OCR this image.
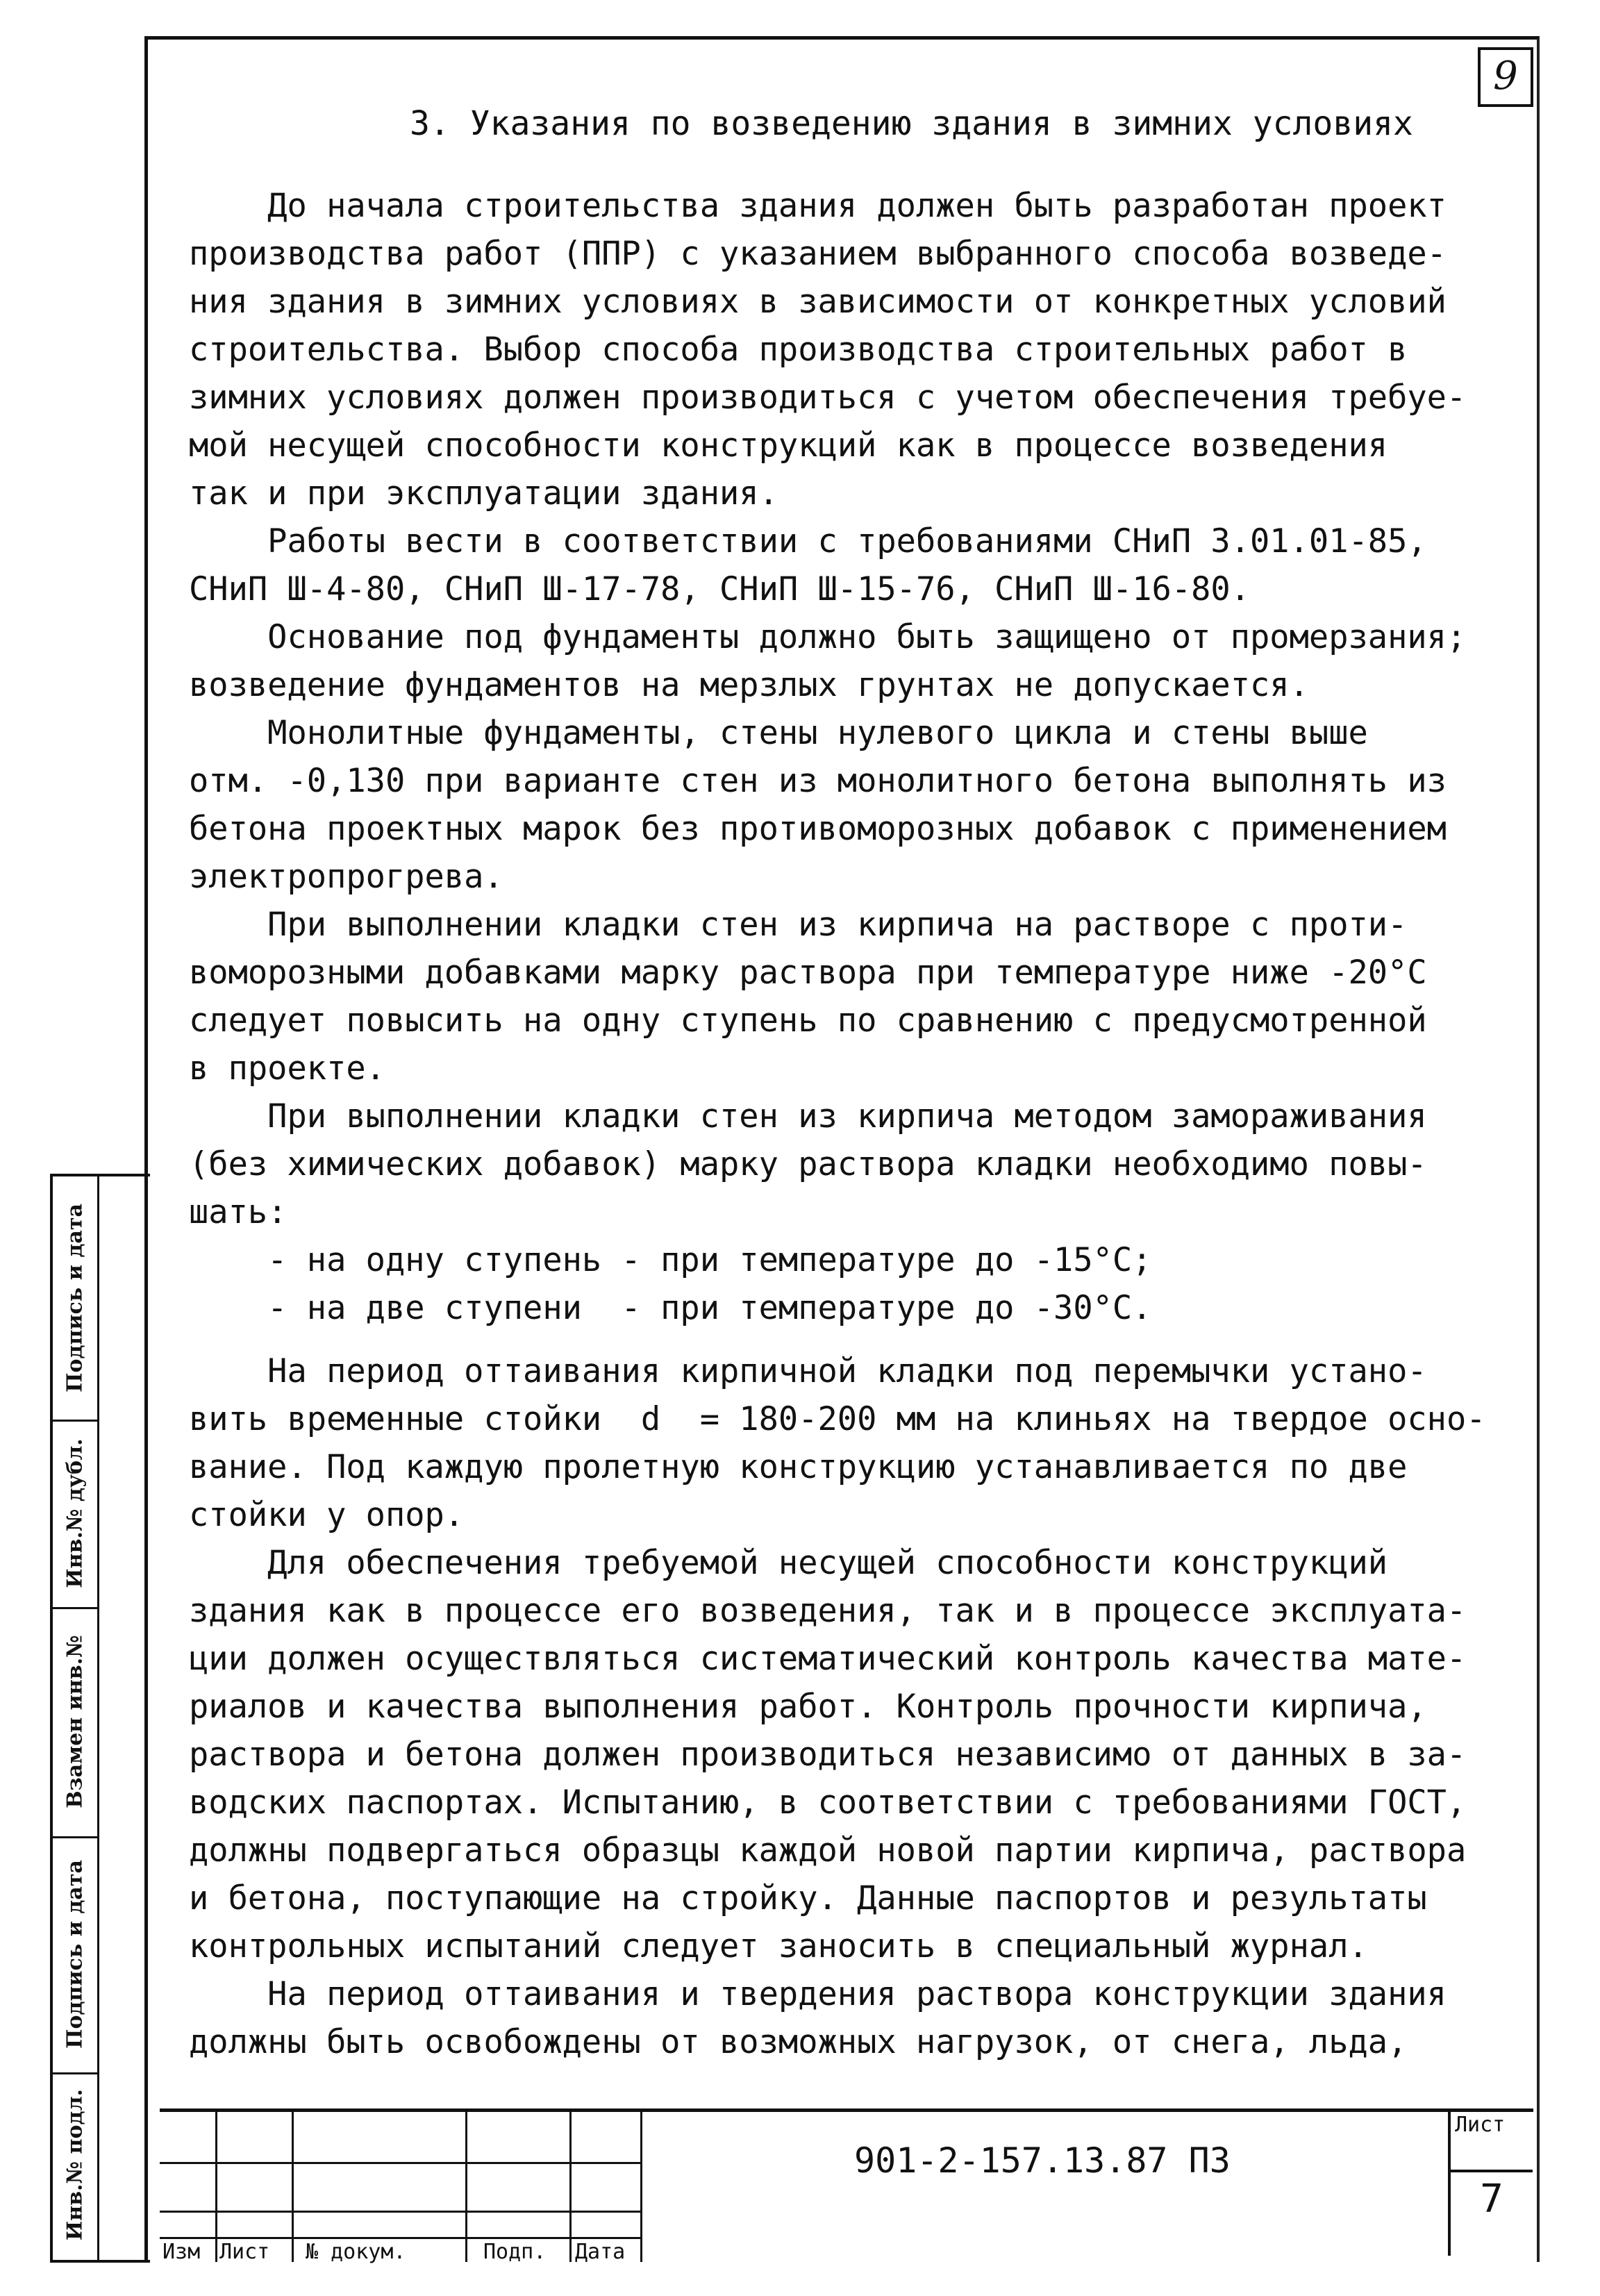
9
3. Указания по возведению здания в зимних условиях

До начала строительства здания должен быть разработан проект

производства работ (ППР) с указанием выбранного способа возведе-

ния здания в зимних условиях в зависимости от конкретных условий

строительства. Выбор способа производства строительных работ в

зимних условиях должен производиться с учетом обеспечения требуе-

мой несущей способности конструкций как в процессе возведения

так и при эксплуатации здания.

Работы вести в соответствии с требованиями СНиП 3.01.01-85,

СНиП Ш-4-80, СНиП Ш-17-78, СНиП Ш-15-76, СНиП Ш-16-80.

Основание под фундаменты должно быть защищено от промерзания;

возведение фундаментов на мерзлых грунтах не допускается.

Монолитные фундаменты, стены нулевого цикла и стены выше

отм. -0,130 при варианте стен из монолитного бетона выполнять из

бетона проектных марок без противоморозных добавок с применением

электропрогрева.

При выполнении кладки стен из кирпича на растворе с проти-

воморозными добавками марку раствора при температуре ниже -20°С

следует повысить на одну ступень по сравнению с предусмотренной

в проекте.

При выполнении кладки стен из кирпича методом замораживания

(без химических добавок) марку раствора кладки необходимо повы-

шать:

- на одну ступень - при температуре до -15°С;

- на две ступени  - при температуре до -30°С.

На период оттаивания кирпичной кладки под перемычки устано-

вить временные стойки  d  = 180-200 мм на клиньях на твердое осно-

вание. Под каждую пролетную конструкцию устанавливается по две

стойки у опор.

Для обеспечения требуемой несущей способности конструкций

здания как в процессе его возведения, так и в процессе эксплуата-

ции должен осуществляться систематический контроль качества мате-

риалов и качества выполнения работ. Контроль прочности кирпича,

раствора и бетона должен производиться независимо от данных в за-

водских паспортах. Испытанию, в соответствии с требованиями ГОСТ,

должны подвергаться образцы каждой новой партии кирпича, раствора

и бетона, поступающие на стройку. Данные паспортов и результаты

контрольных испытаний следует заносить в специальный журнал.

На период оттаивания и твердения раствора конструкции здания

должны быть освобождены от возможных нагрузок, от снега, льда,

Подпись и дата
Инв.№ дубл.
Взамен инв.№
Подпись и дата
Инв.№ подл.
Изм Лист № докум.	Подп. Дата
901-2-157.13.87 ПЗ
Лист
7
